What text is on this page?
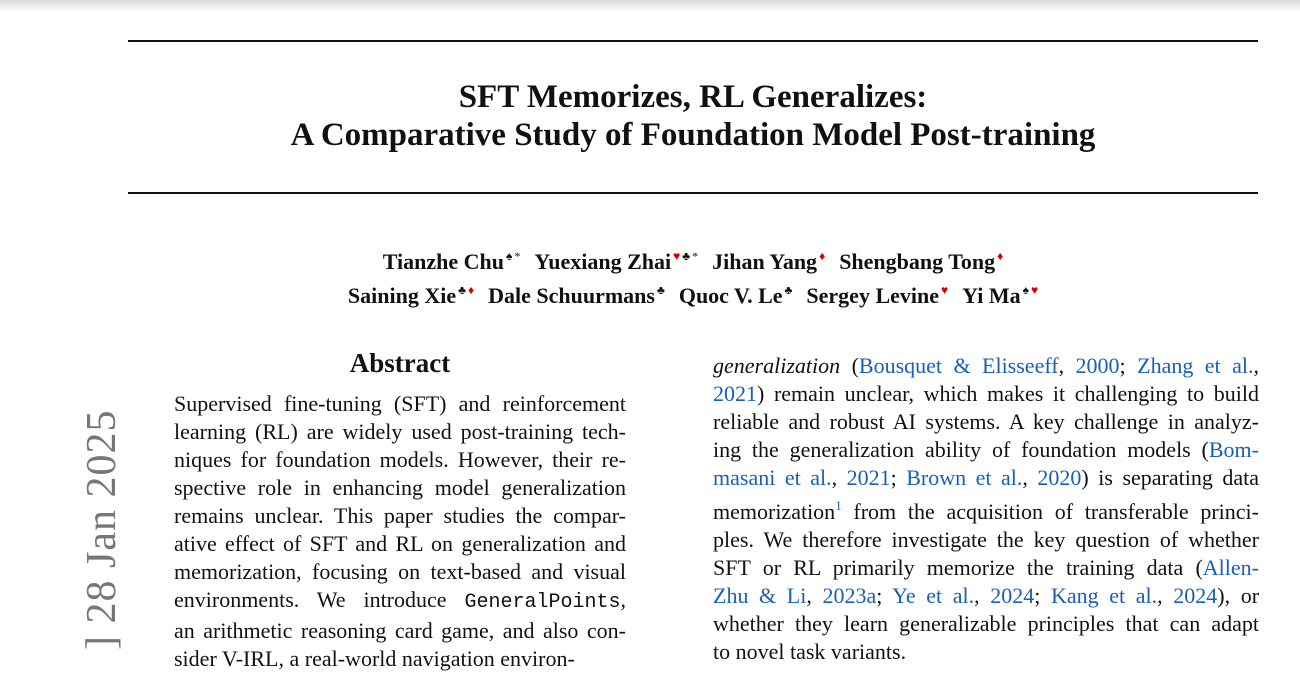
] 28 Jan 2025
SFT Memorizes, RL Generalizes:
A Comparative Study of Foundation Model Post-training
Tianzhe Chu ♠ * Yuexiang Zhai ♥ ♣ * Jihan Yang ♦ Shengbang Tong ♦
Saining Xie ♣ ♦ Dale Schuurmans ♣ Quoc V. Le ♣ Sergey Levine ♥ Yi Ma ♠ ♥
Abstract
Supervised fine-tuning (SFT) and reinforcement
learning (RL) are widely used post-training tech-
niques for foundation models. However, their re-
spective role in enhancing model generalization
remains unclear. This paper studies the compar-
ative effect of SFT and RL on generalization and
memorization, focusing on text-based and visual
environments. We introduce GeneralPoints,
an arithmetic reasoning card game, and also con-
sider V-IRL, a real-world navigation environ-
generalization (Bousquet & Elisseeff, 2000; Zhang et al.,
2021) remain unclear, which makes it challenging to build
reliable and robust AI systems. A key challenge in analyz-
ing the generalization ability of foundation models (Bom-
masani et al., 2021; Brown et al., 2020) is separating data
memorization$^1$ from the acquisition of transferable princi-
ples. We therefore investigate the key question of whether
SFT or RL primarily memorize the training data (Allen-
Zhu & Li, 2023a; Ye et al., 2024; Kang et al., 2024), or
whether they learn generalizable principles that can adapt
to novel task variants.
